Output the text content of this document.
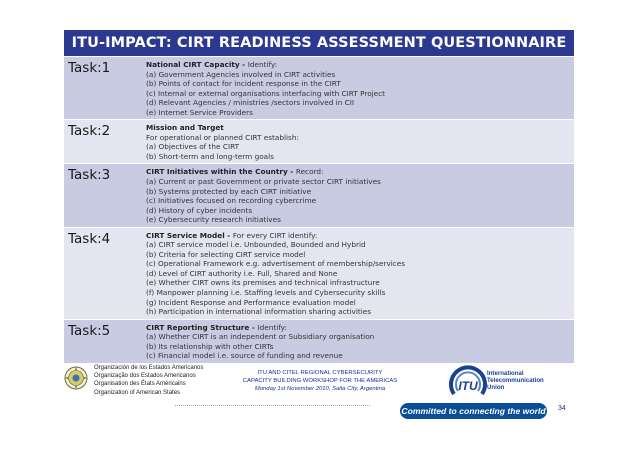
ITU-IMPACT: CIRT READINESS ASSESSMENT QUESTIONNAIRE
Task:1	National CIRT Capacity - Identify:
(a) Government Agencies involved in CIRT activities
(b) Points of contact for incident response in the CIRT
(c) Internal or external organisations interfacing with CIRT Project
(d) Relevant Agencies / ministries /sectors involved in CII
(e) Internet Service Providers
Task:2	Mission and Target
For operational or planned CIRT establish:
(a) Objectives of the CIRT
(b) Short-term and long-term goals
Task:3	CIRT Initiatives within the Country - Record:
(a) Current or past Government or private sector CIRT initiatives
(b) Systems protected by each CIRT initiative
(c) Initiatives focused on recording cybercrime
(d) History of cyber incidents
(e) Cybersecurity research initiatives
Task:4	CIRT Service Model - For every CIRT identify:
(a) CIRT service model i.e. Unbounded, Bounded and Hybrid
(b) Criteria for selecting CIRT service model
(c) Operational Framework e.g. advertisement of membership/services
(d) Level of CIRT authority i.e. Full, Shared and None
(e) Whether CIRT owns its premises and technical infrastructure
(f) Manpower planning i.e. Staffing levels and Cybersecurity skills
(g) Incident Response and Performance evaluation model
(h) Participation in international information sharing activities
Task:5	CIRT Reporting Structure - Identify:
(a) Whether CIRT is an independent or Subsidiary organisation
(b) Its relationship with other CIRTs
(c) Financial model i.e. source of funding and revenue
Organización de los Estados Americanos
Organização dos Estados Americanos
Organisation des États Américains
Organization of American States
ITU AND CITEL REGIONAL CYBERSECURITY
CAPACITY BUILDING WORKSHOP FOR THE AMERICAS
Monday 1st November 2010, Salta City, Argentina	ITU
International
Telecommunication
Union
Committed to connecting the world 34
